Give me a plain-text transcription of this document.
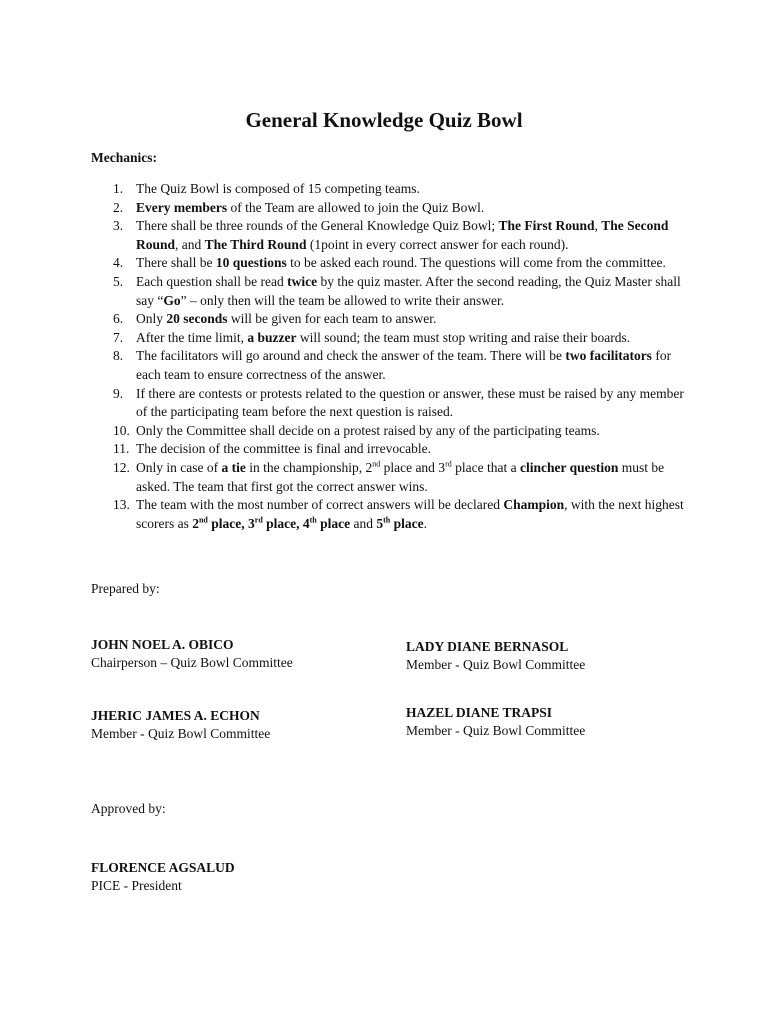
General Knowledge Quiz Bowl
Mechanics:
1. The Quiz Bowl is composed of 15 competing teams.
2. Every members of the Team are allowed to join the Quiz Bowl.
3. There shall be three rounds of the General Knowledge Quiz Bowl; The First Round, The Second Round, and The Third Round (1point in every correct answer for each round).
4. There shall be 10 questions to be asked each round. The questions will come from the committee.
5. Each question shall be read twice by the quiz master. After the second reading, the Quiz Master shall say “Go” – only then will the team be allowed to write their answer.
6. Only 20 seconds will be given for each team to answer.
7. After the time limit, a buzzer will sound; the team must stop writing and raise their boards.
8. The facilitators will go around and check the answer of the team. There will be two facilitators for each team to ensure correctness of the answer.
9. If there are contests or protests related to the question or answer, these must be raised by any member of the participating team before the next question is raised.
10. Only the Committee shall decide on a protest raised by any of the participating teams.
11. The decision of the committee is final and irrevocable.
12. Only in case of a tie in the championship, 2nd place and 3rd place that a clincher question must be asked. The team that first got the correct answer wins.
13. The team with the most number of correct answers will be declared Champion, with the next highest scorers as 2nd place, 3rd place, 4th place and 5th place.
Prepared by:
JOHN NOEL A. OBICO
Chairperson – Quiz Bowl Committee
LADY DIANE BERNASOL
Member - Quiz Bowl Committee
JHERIC JAMES A. ECHON
Member - Quiz Bowl Committee
HAZEL DIANE TRAPSI
Member - Quiz Bowl Committee
Approved by:
FLORENCE AGSALUD
PICE - President
